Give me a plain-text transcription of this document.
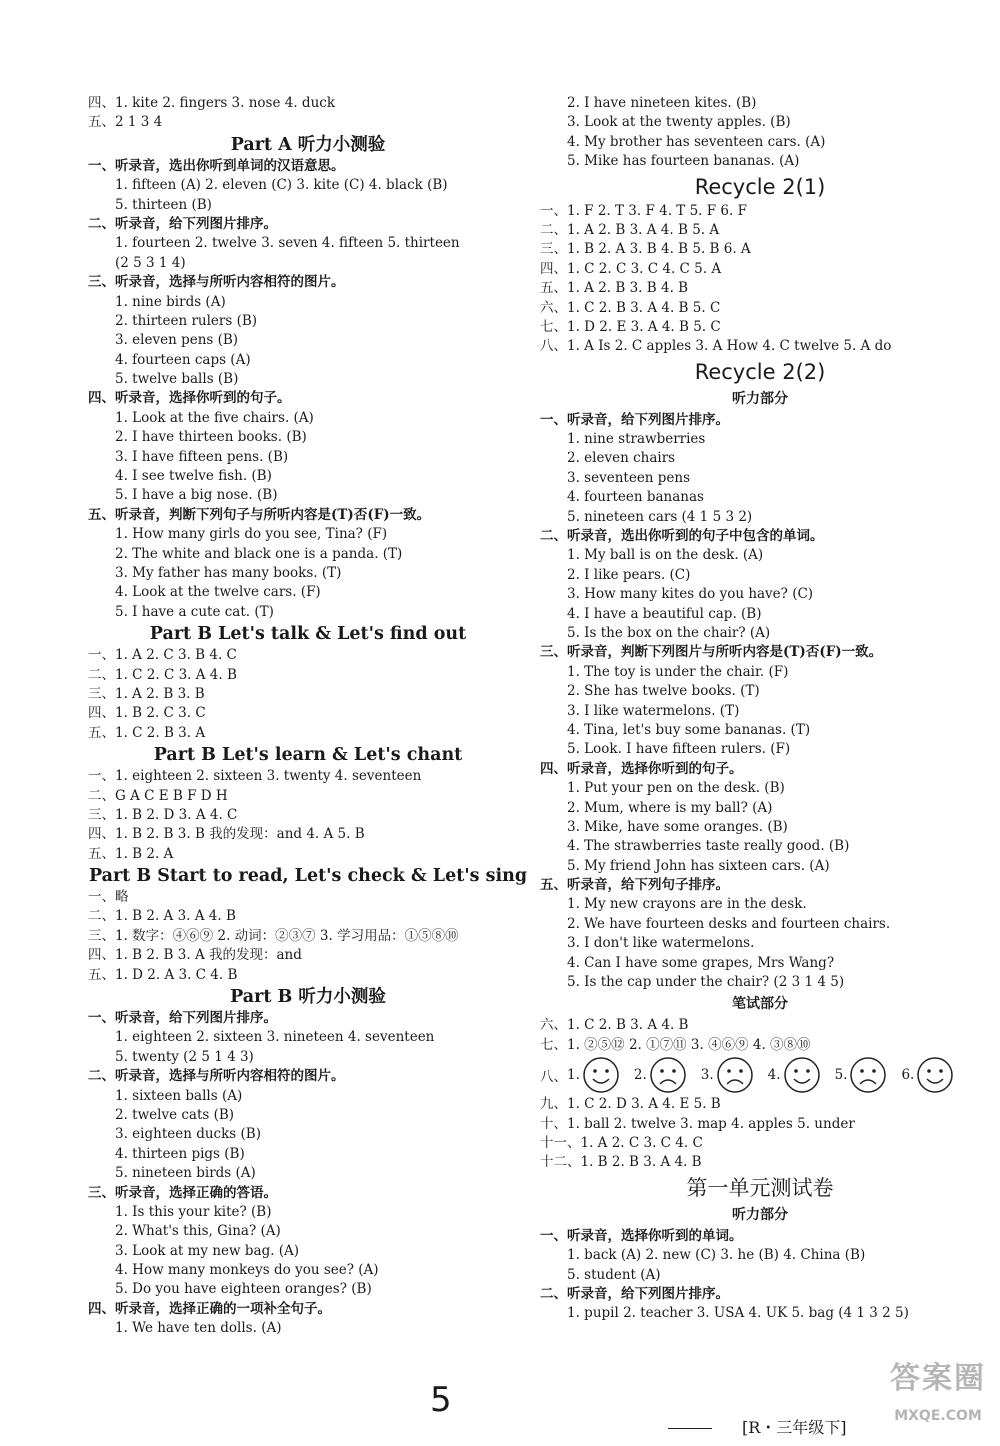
四、1. kite 2. fingers 3. nose 4. duck
五、2 1 3 4
Part A 听力小测验
一、听录音，选出你听到单词的汉语意思。
1. fifteen (A) 2. eleven (C) 3. kite (C) 4. black (B)
5. thirteen (B)
二、听录音，给下列图片排序。
1. fourteen 2. twelve 3. seven 4. fifteen 5. thirteen
(2 5 3 1 4)
三、听录音，选择与所听内容相符的图片。
1. nine birds (A)
2. thirteen rulers (B)
3. eleven pens (B)
4. fourteen caps (A)
5. twelve balls (B)
四、听录音，选择你听到的句子。
1. Look at the five chairs. (A)
2. I have thirteen books. (B)
3. I have fifteen pens. (B)
4. I see twelve fish. (B)
5. I have a big nose. (B)
五、听录音，判断下列句子与所听内容是(T)否(F)一致。
1. How many girls do you see, Tina? (F)
2. The white and black one is a panda. (T)
3. My father has many books. (T)
4. Look at the twelve cars. (F)
5. I have a cute cat. (T)
Part B Let's talk & Let's find out
一、1. A 2. C 3. B 4. C
二、1. C 2. C 3. A 4. B
三、1. A 2. B 3. B
四、1. B 2. C 3. C
五、1. C 2. B 3. A
Part B Let's learn & Let's chant
一、1. eighteen 2. sixteen 3. twenty 4. seventeen
二、G A C E B F D H
三、1. B 2. D 3. A 4. C
四、1. B 2. B 3. B 我的发现：and 4. A 5. B
五、1. B 2. A
Part B Start to read, Let's check & Let's sing
一、略
二、1. B 2. A 3. A 4. B
三、1. 数字：④⑥⑨ 2. 动词：②③⑦ 3. 学习用品：①⑤⑧⑩
四、1. B 2. B 3. A 我的发现：and
五、1. D 2. A 3. C 4. B
Part B 听力小测验
一、听录音，给下列图片排序。
1. eighteen 2. sixteen 3. nineteen 4. seventeen
5. twenty (2 5 1 4 3)
二、听录音，选择与所听内容相符的图片。
1. sixteen balls (A)
2. twelve cats (B)
3. eighteen ducks (B)
4. thirteen pigs (B)
5. nineteen birds (A)
三、听录音，选择正确的答语。
1. Is this your kite? (B)
2. What's this, Gina? (A)
3. Look at my new bag. (A)
4. How many monkeys do you see? (A)
5. Do you have eighteen oranges? (B)
四、听录音，选择正确的一项补全句子。
1. We have ten dolls. (A)
2. I have nineteen kites. (B)
3. Look at the twenty apples. (B)
4. My brother has seventeen cars. (A)
5. Mike has fourteen bananas. (A)
Recycle 2(1)
一、1. F 2. T 3. F 4. T 5. F 6. F
二、1. A 2. B 3. A 4. B 5. A
三、1. B 2. A 3. B 4. B 5. B 6. A
四、1. C 2. C 3. C 4. C 5. A
五、1. A 2. B 3. B 4. B
六、1. C 2. B 3. A 4. B 5. C
七、1. D 2. E 3. A 4. B 5. C
八、1. A Is 2. C apples 3. A How 4. C twelve 5. A do
Recycle 2(2)
听力部分
一、听录音，给下列图片排序。
1. nine strawberries
2. eleven chairs
3. seventeen pens
4. fourteen bananas
5. nineteen cars (4 1 5 3 2)
二、听录音，选出你听到的句子中包含的单词。
1. My ball is on the desk. (A)
2. I like pears. (C)
3. How many kites do you have? (C)
4. I have a beautiful cap. (B)
5. Is the box on the chair? (A)
三、听录音，判断下列图片与所听内容是(T)否(F)一致。
1. The toy is under the chair. (F)
2. She has twelve books. (T)
3. I like watermelons. (T)
4. Tina, let's buy some bananas. (T)
5. Look. I have fifteen rulers. (F)
四、听录音，选择你听到的句子。
1. Put your pen on the desk. (B)
2. Mum, where is my ball? (A)
3. Mike, have some oranges. (B)
4. The strawberries taste really good. (B)
5. My friend John has sixteen cars. (A)
五、听录音，给下列句子排序。
1. My new crayons are in the desk.
2. We have fourteen desks and fourteen chairs.
3. I don't like watermelons.
4. Can I have some grapes, Mrs Wang?
5. Is the cap under the chair? (2 3 1 4 5)
笔试部分
六、1. C 2. B 3. A 4. B
七、1. ②⑤⑫ 2. ①⑦⑪ 3. ④⑥⑨ 4. ③⑧⑩
八、 1.	2.	3.	4.	5.	6.
九、1. C 2. D 3. A 4. E 5. B
十、1. ball 2. twelve 3. map 4. apples 5. under
十一、1. A 2. C 3. C 4. C
十二、1. B 2. B 3. A 4. B
第一单元测试卷
听力部分
一、听录音，选择你听到的单词。
1. back (A) 2. new (C) 3. he (B) 4. China (B)
5. student (A)
二、听录音，给下列图片排序。
1. pupil 2. teacher 3. USA 4. UK 5. bag (4 1 3 2 5)
5
[R・三年级下]
答案圈
MXQE.COM
